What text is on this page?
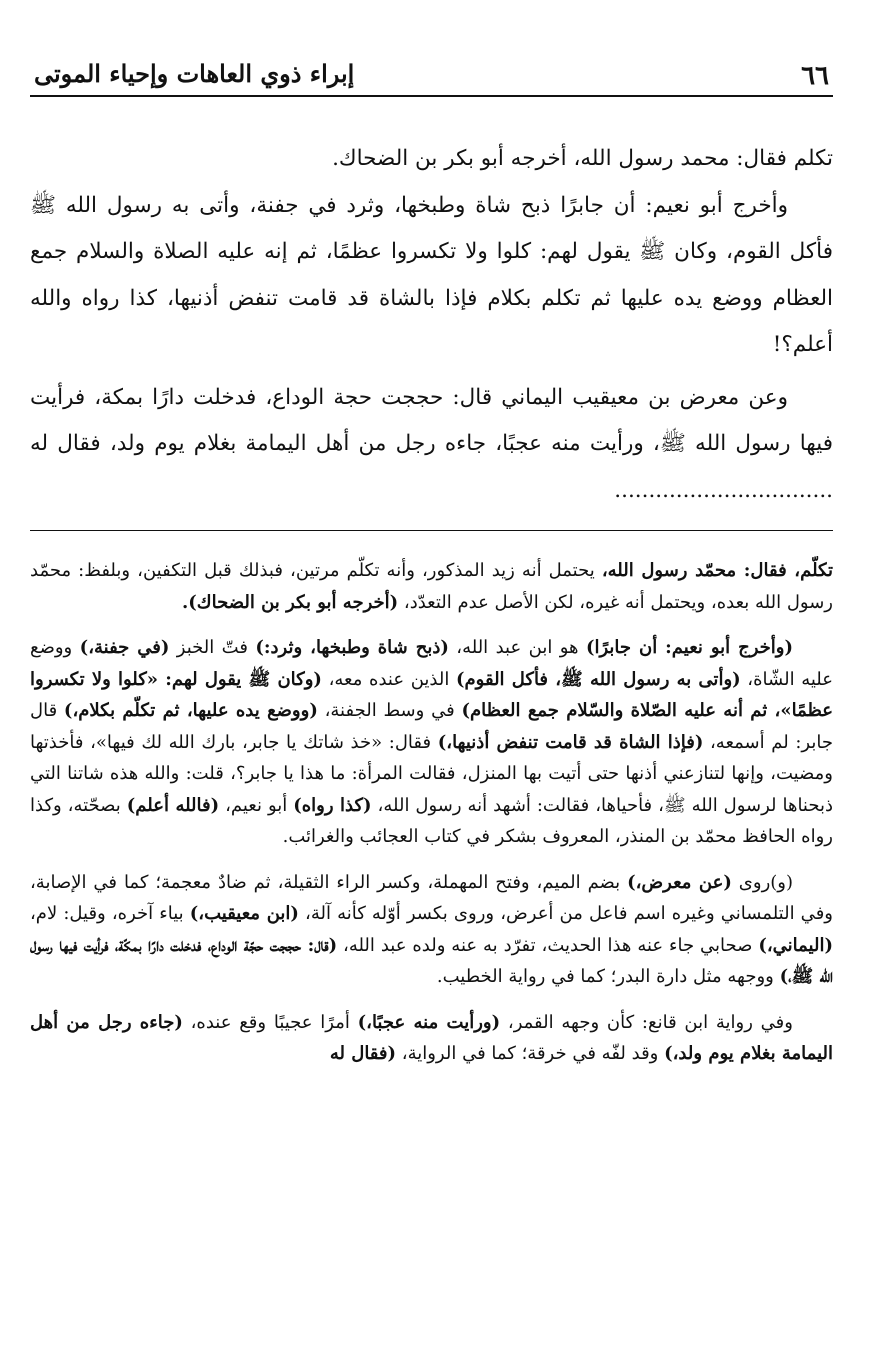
٦٦
إبراء ذوي العاهات وإحياء الموتى

تكلم فقال: محمد رسول الله، أخرجه أبو بكر بن الضحاك.

وأخرج أبو نعيم: أن جابرًا ذبح شاة وطبخها، وثرد في جفنة، وأتى به رسول الله ﷺ فأكل القوم، وكان ﷺ يقول لهم: كلوا ولا تكسروا عظمًا، ثم إنه عليه الصلاة والسلام جمع العظام ووضع يده عليها ثم تكلم بكلام فإذا بالشاة قد قامت تنفض أذنيها، كذا رواه والله أعلم؟!

وعن معرض بن معيقيب اليماني قال: حججت حجة الوداع، فدخلت دارًا بمكة، فرأيت فيها رسول الله ﷺ، ورأيت منه عجبًا، جاءه رجل من أهل اليمامة بغلام يوم ولد، فقال له ................................

تكلّم، فقال: محمّد رسول الله، يحتمل أنه زيد المذكور، وأنه تكلّم مرتين، فبذلك قبل التكفين، وبلفظ: محمّد رسول الله بعده، ويحتمل أنه غيره، لكن الأصل عدم التعدّد، (أخرجه أبو بكر بن الضحاك).

(وأخرج أبو نعيم: أن جابرًا) هو ابن عبد الله، (ذبح شاة وطبخها، وثرد:) فتّ الخبز (في جفنة،) ووضع عليه الشّاة، (وأتى به رسول الله ﷺ، فأكل القوم) الذين عنده معه، (وكان ﷺ يقول لهم: «كلوا ولا تكسروا عظمًا»، ثم أنه عليه الصّلاة والسّلام جمع العظام) في وسط الجفنة، (ووضع يده عليها، ثم تكلّم بكلام،) قال جابر: لم أسمعه، (فإذا الشاة قد قامت تنفض أذنيها،) فقال: «خذ شاتك يا جابر، بارك الله لك فيها»، فأخذتها ومضيت، وإنها لتنازعني أذنها حتى أتيت بها المنزل، فقالت المرأة: ما هذا يا جابر؟، قلت: والله هذه شاتنا التي ذبحناها لرسول الله ﷺ، فأحياها، فقالت: أشهد أنه رسول الله، (كذا رواه) أبو نعيم، (فالله أعلم) بصحّته، وكذا رواه الحافظ محمّد بن المنذر، المعروف بشكر في كتاب العجائب والغرائب.

(و)روى (عن معرض،) بضم الميم، وفتح المهملة، وكسر الراء الثقيلة، ثم ضادٌ معجمة؛ كما في الإصابة، وفي التلمساني وغيره اسم فاعل من أعرض، وروى بكسر أوّله كأنه آلة، (ابن معيقيب،) بياء آخره، وقيل: لام، (اليماني،) صحابي جاء عنه هذا الحديث، تفرّد به عنه ولده عبد الله، (قال: حججت حجّة الوداع، فدخلت دارًا بمكّة، فرأيت فيها رسول الله ﷺ،) ووجهه مثل دارة البدر؛ كما في رواية الخطيب.

وفي رواية ابن قانع: كأن وجهه القمر، (ورأيت منه عجبًا،) أمرًا عجيبًا وقع عنده، (جاءه رجل من أهل اليمامة بغلام يوم ولد،) وقد لفّه في خرقة؛ كما في الرواية، (فقال له
